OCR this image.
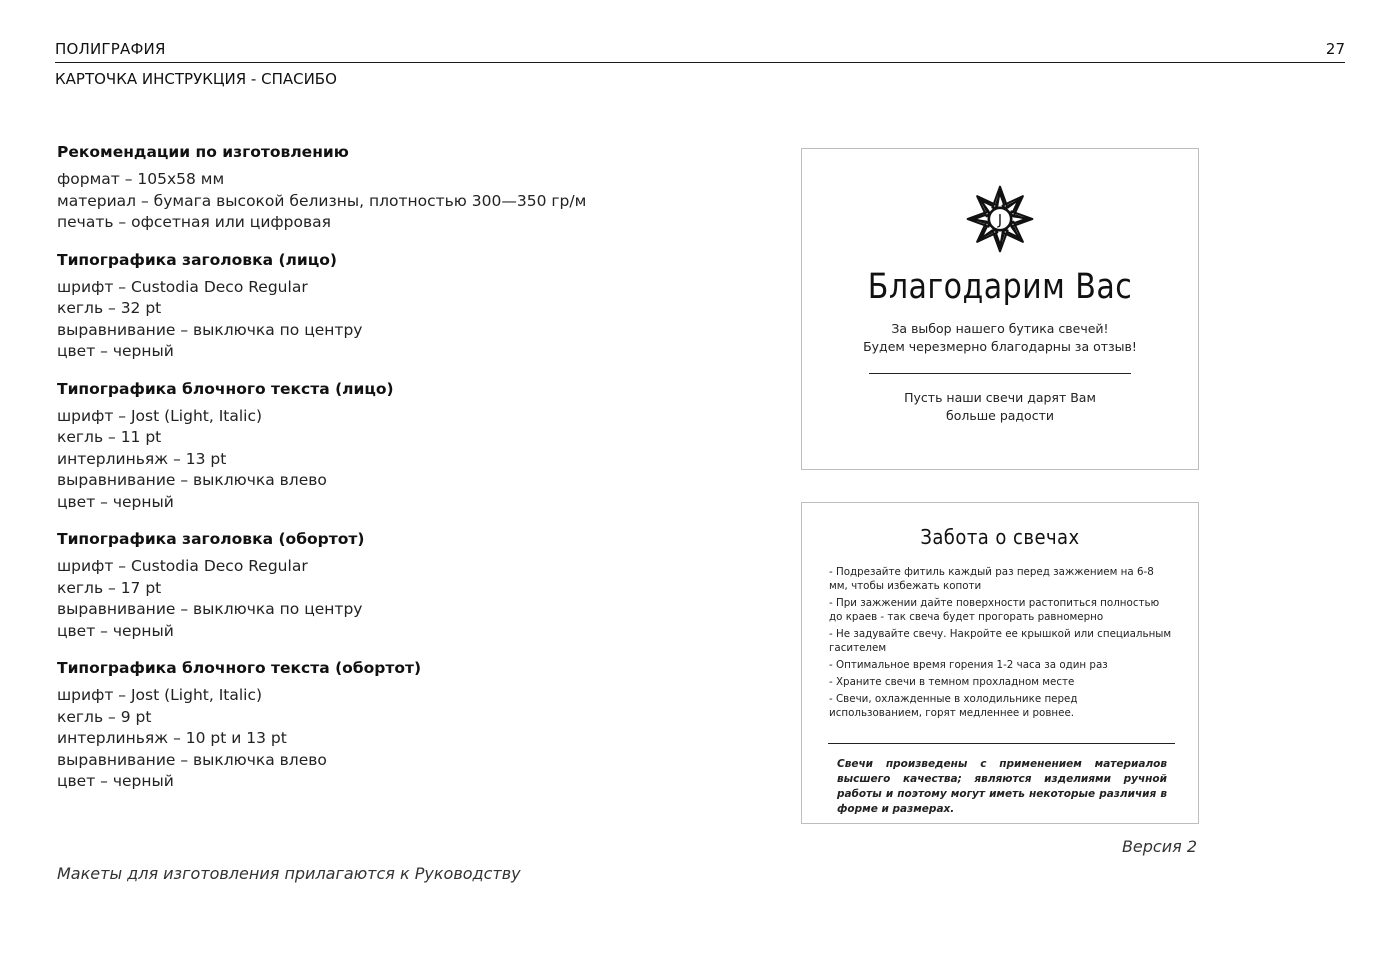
ПОЛИГРАФИЯ	27
КАРТОЧКА ИНСТРУКЦИЯ - СПАСИБО
Рекомендации по изготовлению
формат – 105х58 мм
материал – бумага высокой белизны, плотностью 300—350 гр/м
печать – офсетная или цифровая
Типографика заголовка (лицо)
шрифт – Custodia Deco Regular
кегль – 32 pt
выравнивание – выключка по центру
цвет – черный
Типографика блочного текста (лицо)
шрифт – Jost (Light, Italic)
кегль – 11 pt
интерлиньяж – 13 pt
выравнивание – выключка влево
цвет – черный
Типографика заголовка (обортот)
шрифт – Custodia Deco Regular
кегль – 17 pt
выравнивание – выключка по центру
цвет – черный
Типографика блочного текста (обортот)
шрифт – Jost (Light, Italic)
кегль – 9 pt
интерлиньяж – 10 pt и 13 pt
выравнивание – выключка влево
цвет – черный
J
Благодарим Вас
За выбор нашего бутика свечей!
Будем черезмерно благодарны за отзыв!
Пусть наши свечи дарят Вам
больше радости
Забота о свечах
- Подрезайте фитиль каждый раз перед зажжением на 6-8 мм, чтобы избежать копоти
- При зажжении дайте поверхности растопиться полностью до краев - так свеча будет прогорать равномерно
- Не задувайте свечу. Накройте ее крышкой или специальным гасителем
- Оптимальное время горения 1-2 часа за один раз
- Храните свечи в темном прохладном месте
- Свечи, охлажденные в холодильнике перед использованием, горят медленнее и ровнее.
Свечи произведены с применением материалов высшего качества; являются изделиями ручной работы и поэтому могут иметь некоторые различия в форме и размерах.
Версия 2
Макеты для изготовления прилагаются к Руководству
